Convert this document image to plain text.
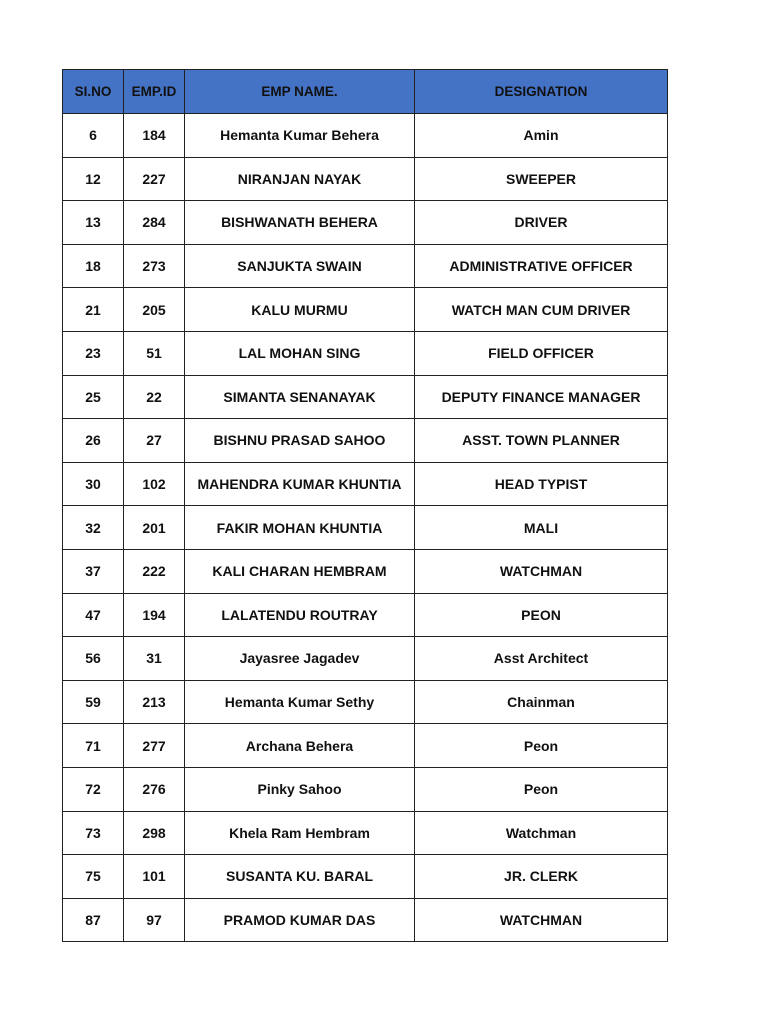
SI.NO	EMP.ID	EMP NAME.	DESIGNATION
6	184	Hemanta Kumar Behera	Amin
12	227	NIRANJAN NAYAK	SWEEPER
13	284	BISHWANATH BEHERA	DRIVER
18	273	SANJUKTA SWAIN	ADMINISTRATIVE OFFICER
21	205	KALU MURMU	WATCH MAN CUM DRIVER
23	51	LAL MOHAN SING	FIELD OFFICER
25	22	SIMANTA SENANAYAK	DEPUTY FINANCE MANAGER
26	27	BISHNU PRASAD SAHOO	ASST. TOWN PLANNER
30	102	MAHENDRA KUMAR KHUNTIA	HEAD TYPIST
32	201	FAKIR MOHAN KHUNTIA	MALI
37	222	KALI CHARAN HEMBRAM	WATCHMAN
47	194	LALATENDU ROUTRAY	PEON
56	31	Jayasree Jagadev	Asst Architect
59	213	Hemanta Kumar Sethy	Chainman
71	277	Archana Behera	Peon
72	276	Pinky Sahoo	Peon
73	298	Khela Ram Hembram	Watchman
75	101	SUSANTA KU. BARAL	JR. CLERK
87	97	PRAMOD KUMAR DAS	WATCHMAN
